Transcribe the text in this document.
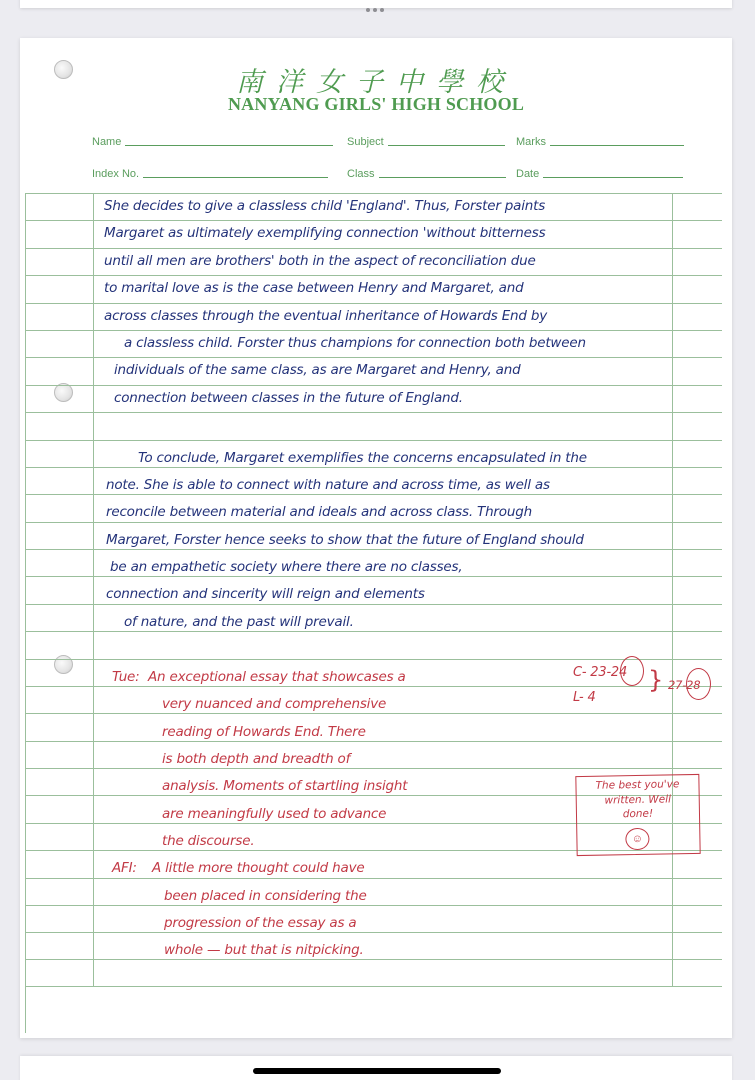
南洋女子中學校
NANYANG GIRLS' HIGH SCHOOL
Name	Subject	Marks
Index No.	Class	Date
She decides to give a classless child 'England'. Thus, Forster paints
Margaret as ultimately exemplifying connection 'without bitterness
until all men are brothers' both in the aspect of reconciliation due
to marital love as is the case between Henry and Margaret, and
across classes through the eventual inheritance of Howards End by
a classless child. Forster thus champions for connection both between
individuals of the same class, as are Margaret and Henry, and
connection between classes in the future of England.
To conclude, Margaret exemplifies the concerns encapsulated in the
note. She is able to connect with nature and across time, as well as
reconcile between material and ideals and across class. Through
Margaret, Forster hence seeks to show that the future of England should
be an empathetic society where there are no classes,
connection and sincerity will reign and elements
of nature, and the past will prevail.
Tue: An exceptional essay that showcases a
very nuanced and comprehensive
reading of Howards End. There
is both depth and breadth of
analysis. Moments of startling insight
are meaningfully used to advance
the discourse.
AFI: A little more thought could have
been placed in considering the
progression of the essay as a
whole — but that is nitpicking.
C- 23-24
L- 4
} 27-28
The best you've
written. Well
done!
☺
